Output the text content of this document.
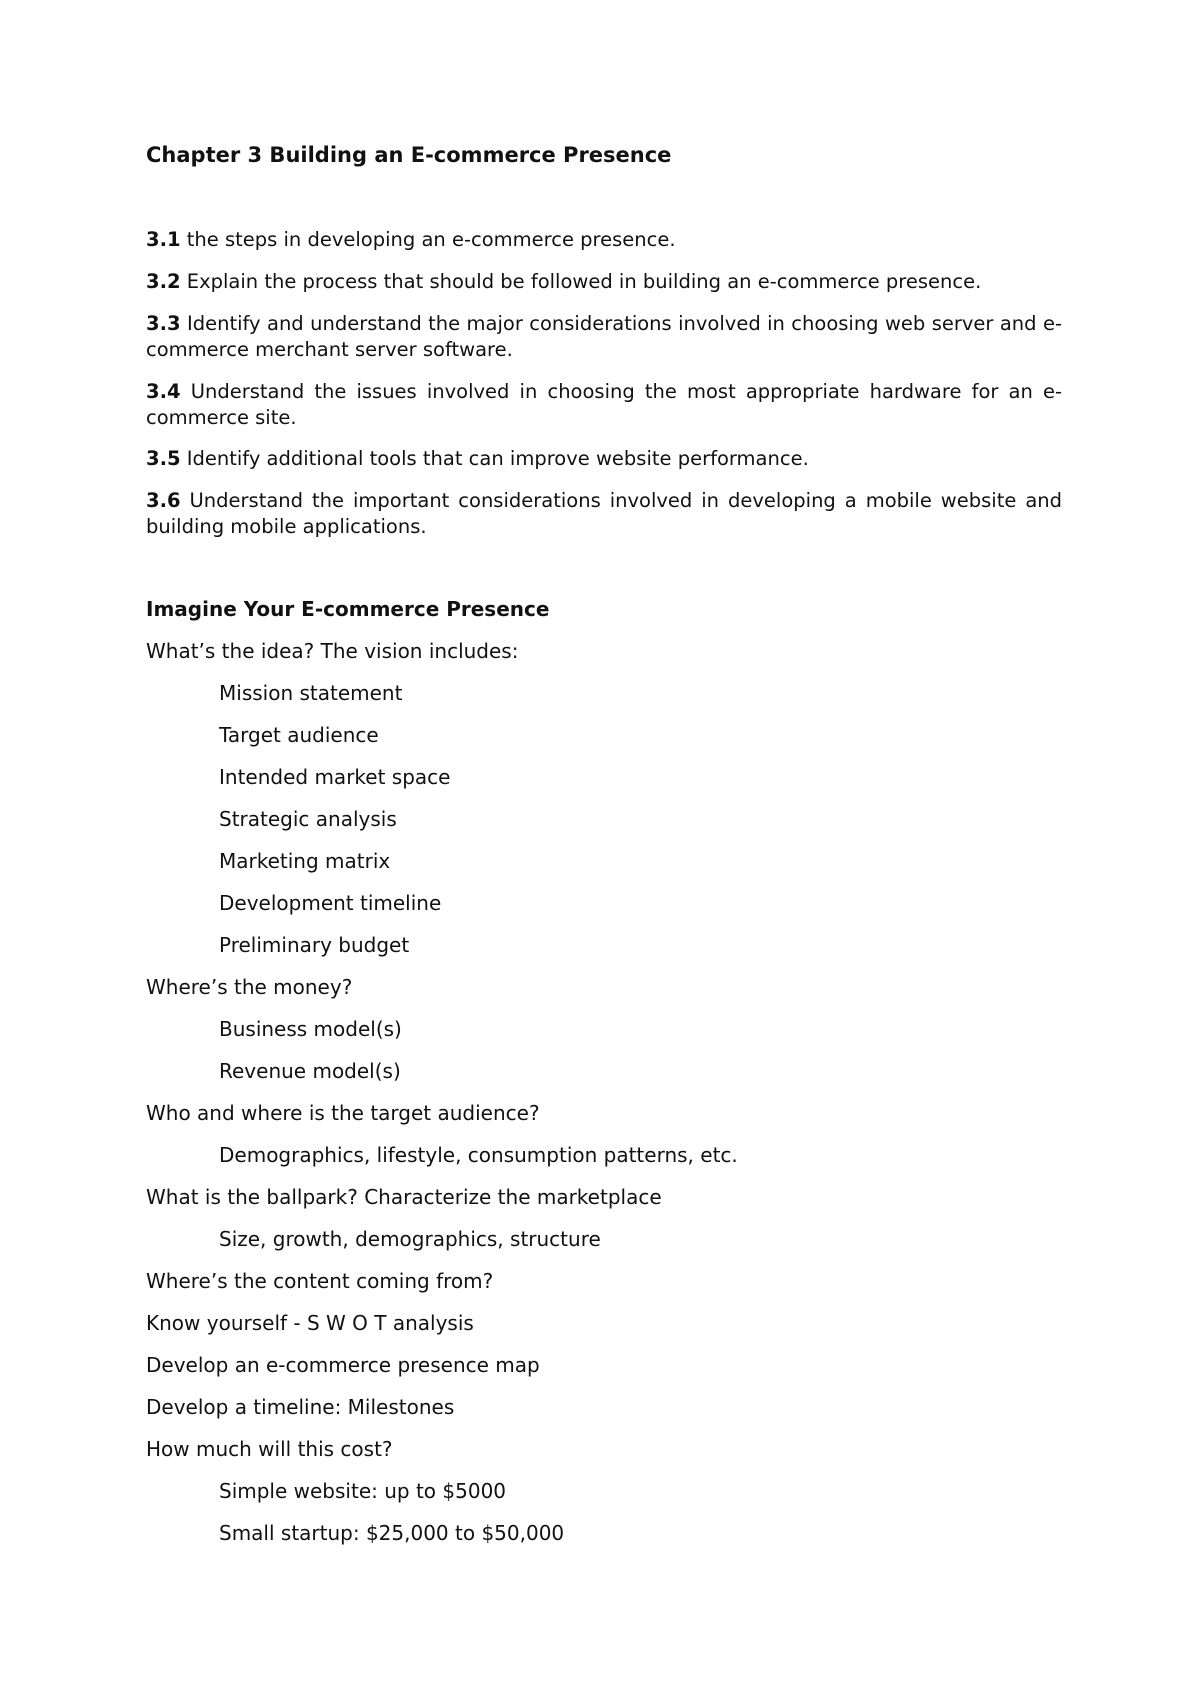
Chapter 3 Building an E-commerce Presence

3.1 the steps in developing an e-commerce presence.

3.2 Explain the process that should be followed in building an e-commerce presence.

3.3 Identify and understand the major considerations involved in choosing web server and e-commerce merchant server software.

3.4 Understand the issues involved in choosing the most appropriate hardware for an e-commerce site.

3.5 Identify additional tools that can improve website performance.

3.6 Understand the important considerations involved in developing a mobile website and building mobile applications.

Imagine Your E-commerce Presence

What’s the idea? The vision includes:

Mission statement

Target audience

Intended market space

Strategic analysis

Marketing matrix

Development timeline

Preliminary budget

Where’s the money?

Business model(s)

Revenue model(s)

Who and where is the target audience?

Demographics, lifestyle, consumption patterns, etc.

What is the ballpark? Characterize the marketplace

Size, growth, demographics, structure

Where’s the content coming from?

Know yourself - S W O T analysis

Develop an e-commerce presence map

Develop a timeline: Milestones

How much will this cost?

Simple website: up to $5000

Small startup: $25,000 to $50,000
